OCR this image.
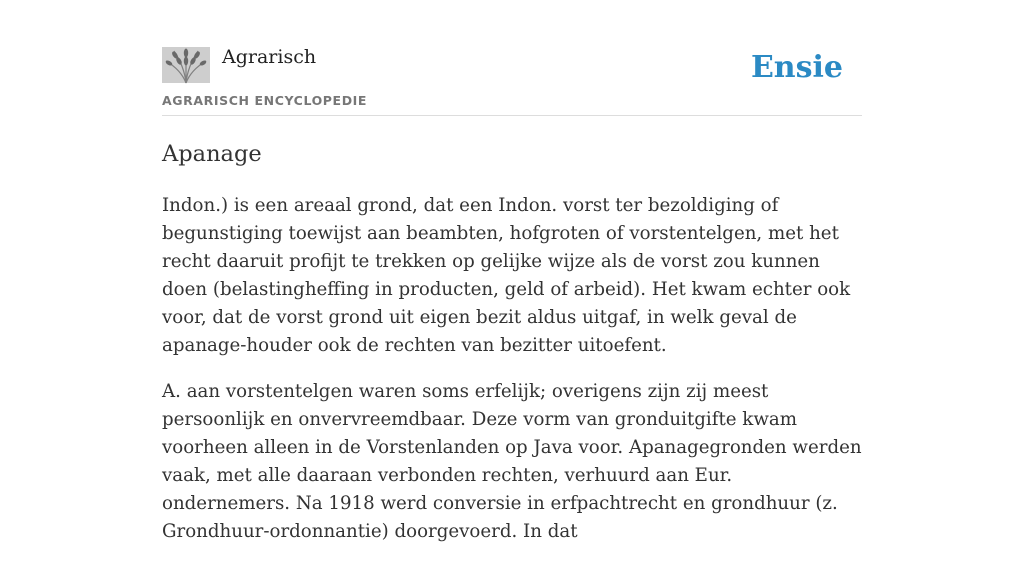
Agrarisch
AGRARISCH ENCYCLOPEDIE
Ensie
Apanage

Indon.) is een areaal grond, dat een Indon. vorst ter bezoldiging of begunstiging toewijst aan beambten, hofgroten of vorstentelgen, met het recht daaruit profijt te trekken op gelijke wijze als de vorst zou kunnen doen (belastingheffing in producten, geld of arbeid). Het kwam echter ook voor, dat de vorst grond uit eigen bezit aldus uitgaf, in welk geval de apanage-houder ook de rechten van bezitter uitoefent.

A. aan vorstentelgen waren soms erfelijk; overigens zijn zij meest persoonlijk en onvervreemdbaar. Deze vorm van gronduitgifte kwam voorheen alleen in de Vorstenlanden op Java voor. Apanagegronden werden vaak, met alle daaraan verbonden rechten, verhuurd aan Eur. ondernemers. Na 1918 werd conversie in erfpachtrecht en grondhuur (z. Grondhuur-ordonnantie) doorgevoerd. In dat
